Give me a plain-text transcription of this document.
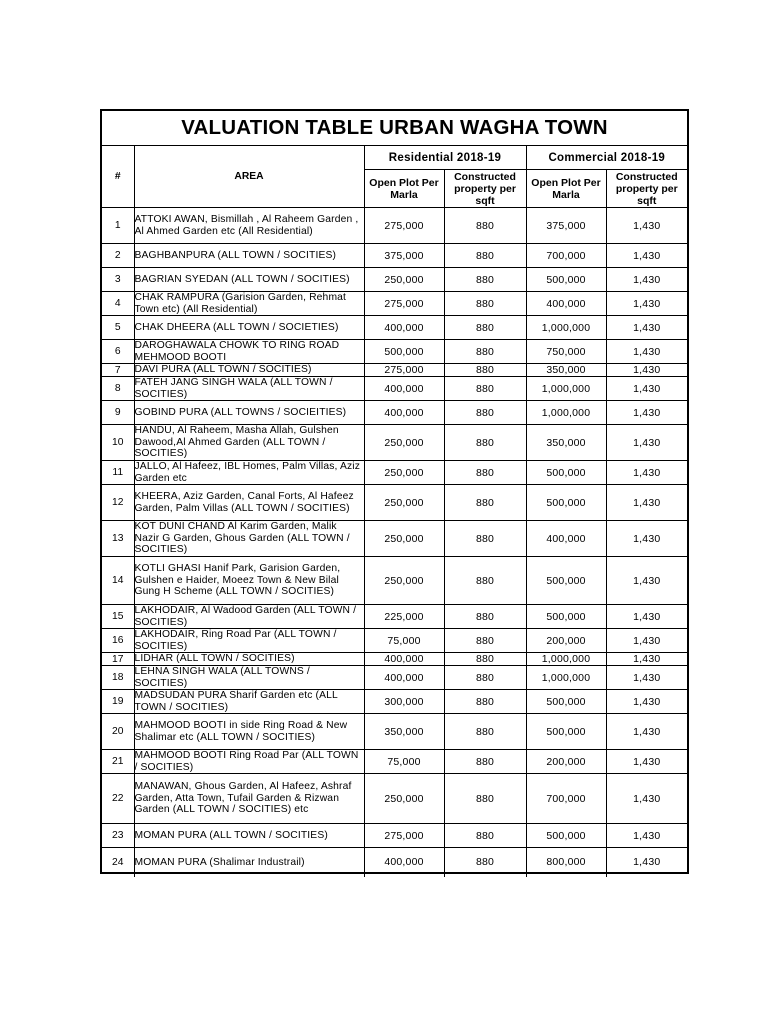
VALUATION TABLE URBAN WAGHA TOWN
#	AREA	Residential 2018-19		Commercial 2018-19	
		Open Plot Per Marla	Constructed property per sqft	Open Plot Per Marla	Constructed property per sqft
1	ATTOKI AWAN, Bismillah , Al Raheem Garden , Al Ahmed Garden etc (All Residential)	275,000	880	375,000	1,430
2	BAGHBANPURA (ALL TOWN / SOCITIES)	375,000	880	700,000	1,430
3	BAGRIAN SYEDAN (ALL TOWN / SOCITIES)	250,000	880	500,000	1,430
4	CHAK RAMPURA (Garision Garden, Rehmat Town etc) (All Residential)	275,000	880	400,000	1,430
5	CHAK DHEERA (ALL TOWN / SOCIETIES)	400,000	880	1,000,000	1,430
6	DAROGHAWALA CHOWK TO RING ROAD MEHMOOD BOOTI	500,000	880	750,000	1,430
7	DAVI PURA (ALL TOWN / SOCITIES)	275,000	880	350,000	1,430
8	FATEH JANG SINGH WALA (ALL TOWN / SOCITIES)	400,000	880	1,000,000	1,430
9	GOBIND PURA (ALL TOWNS / SOCIEITIES)	400,000	880	1,000,000	1,430
10	HANDU, Al Raheem, Masha Allah, Gulshen Dawood,Al Ahmed Garden (ALL TOWN / SOCITIES)	250,000	880	350,000	1,430
11	JALLO, Al Hafeez, IBL Homes, Palm Villas, Aziz Garden etc	250,000	880	500,000	1,430
12	KHEERA, Aziz Garden, Canal Forts, Al Hafeez Garden, Palm Villas (ALL TOWN / SOCITIES)	250,000	880	500,000	1,430
13	KOT DUNI CHAND Al Karim Garden, Malik Nazir G Garden, Ghous Garden (ALL TOWN / SOCITIES)	250,000	880	400,000	1,430
14	KOTLI GHASI Hanif Park, Garision Garden, Gulshen e Haider, Moeez Town & New Bilal Gung H Scheme (ALL TOWN / SOCITIES)	250,000	880	500,000	1,430
15	LAKHODAIR, Al Wadood Garden (ALL TOWN / SOCITIES)	225,000	880	500,000	1,430
16	LAKHODAIR, Ring Road Par (ALL TOWN / SOCITIES)	75,000	880	200,000	1,430
17	LIDHAR (ALL TOWN / SOCITIES)	400,000	880	1,000,000	1,430
18	LEHNA SINGH WALA (ALL TOWNS / SOCITIES)	400,000	880	1,000,000	1,430
19	MADSUDAN PURA Sharif Garden etc (ALL TOWN / SOCITIES)	300,000	880	500,000	1,430
20	MAHMOOD BOOTI in side Ring Road & New Shalimar etc (ALL TOWN / SOCITIES)	350,000	880	500,000	1,430
21	MAHMOOD BOOTI Ring Road Par (ALL TOWN / SOCITIES)	75,000	880	200,000	1,430
22	MANAWAN, Ghous Garden, Al Hafeez, Ashraf Garden, Atta Town, Tufail Garden & Rizwan Garden (ALL TOWN / SOCITIES) etc	250,000	880	700,000	1,430
23	MOMAN PURA (ALL TOWN / SOCITIES)	275,000	880	500,000	1,430
24	MOMAN PURA (Shalimar Industrail)	400,000	880	800,000	1,430
